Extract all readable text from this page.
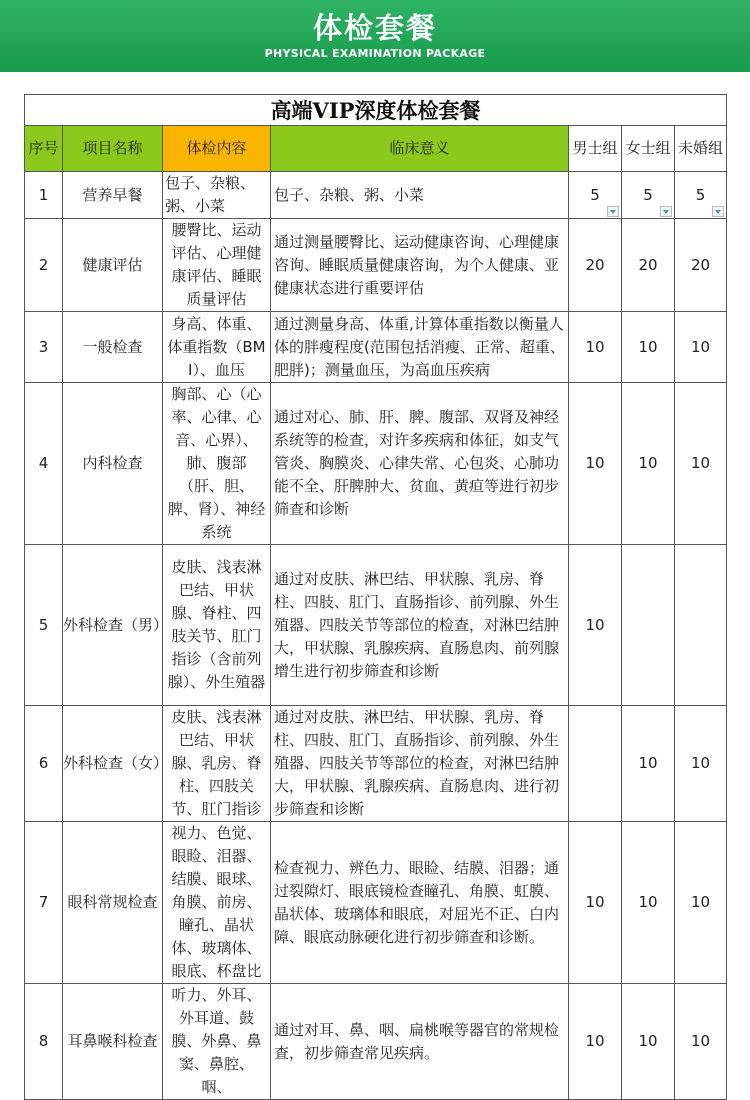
体检套餐
PHYSICAL EXAMINATION PACKAGE
高端VIP深度体检套餐						
序号	项目名称	体检内容	临床意义	男士组	女士组	未婚组
1	营养早餐	包子、杂粮、粥、小菜	包子、杂粮、粥、小菜	5	5	5

2	健康评估	腰臀比、运动评估、心理健康评估、睡眠质量评估	通过测量腰臀比、运动健康咨询、心理健康咨询、睡眠质量健康咨询，为个人健康、亚健康状态进行重要评估	20	20	20
3	一般检查	身高、体重、体重指数（BMI）、血压	通过测量身高、体重,计算体重指数以衡量人体的胖瘦程度(范围包括消瘦、正常、超重、肥胖)；测量血压，为高血压疾病	10	10	10
4	内科检查	胸部、心（心率、心律、心音、心界）、肺、腹部（肝、胆、脾、肾）、神经系统	通过对心、肺、肝、脾、腹部、双肾及神经系统等的检查，对许多疾病和体征，如支气管炎、胸膜炎、心律失常、心包炎、心肺功能不全、肝脾肿大、贫血、黄疸等进行初步筛查和诊断	10	10	10
5	外科检查（男）	皮肤、浅表淋巴结、甲状腺、脊柱、四肢关节、肛门指诊（含前列腺）、外生殖器	通过对皮肤、淋巴结、甲状腺、乳房、脊柱、四肢、肛门、直肠指诊、前列腺、外生殖器、四肢关节等部位的检查，对淋巴结肿大，甲状腺、乳腺疾病、直肠息肉、前列腺增生进行初步筛查和诊断	10		
6	外科检查（女）	皮肤、浅表淋巴结、甲状腺、乳房、脊柱、四肢关节、肛门指诊	通过对皮肤、淋巴结、甲状腺、乳房、脊柱、四肢、肛门、直肠指诊、前列腺、外生殖器、四肢关节等部位的检查，对淋巴结肿大，甲状腺、乳腺疾病、直肠息肉、进行初步筛查和诊断		10	10
7	眼科常规检查	视力、色觉、眼睑、泪器、结膜、眼球、角膜、前房、瞳孔、晶状体、玻璃体、眼底、杯盘比	检查视力、辨色力、眼睑、结膜、泪器；通过裂隙灯、眼底镜检查瞳孔、角膜、虹膜、晶状体、玻璃体和眼底，对屈光不正、白内障、眼底动脉硬化进行初步筛查和诊断。	10	10	10
8	耳鼻喉科检查	听力、外耳、外耳道、鼓膜、外鼻、鼻窦、鼻腔、咽、	通过对耳、鼻、咽、扁桃喉等器官的常规检查，初步筛查常见疾病。	10	10	10
